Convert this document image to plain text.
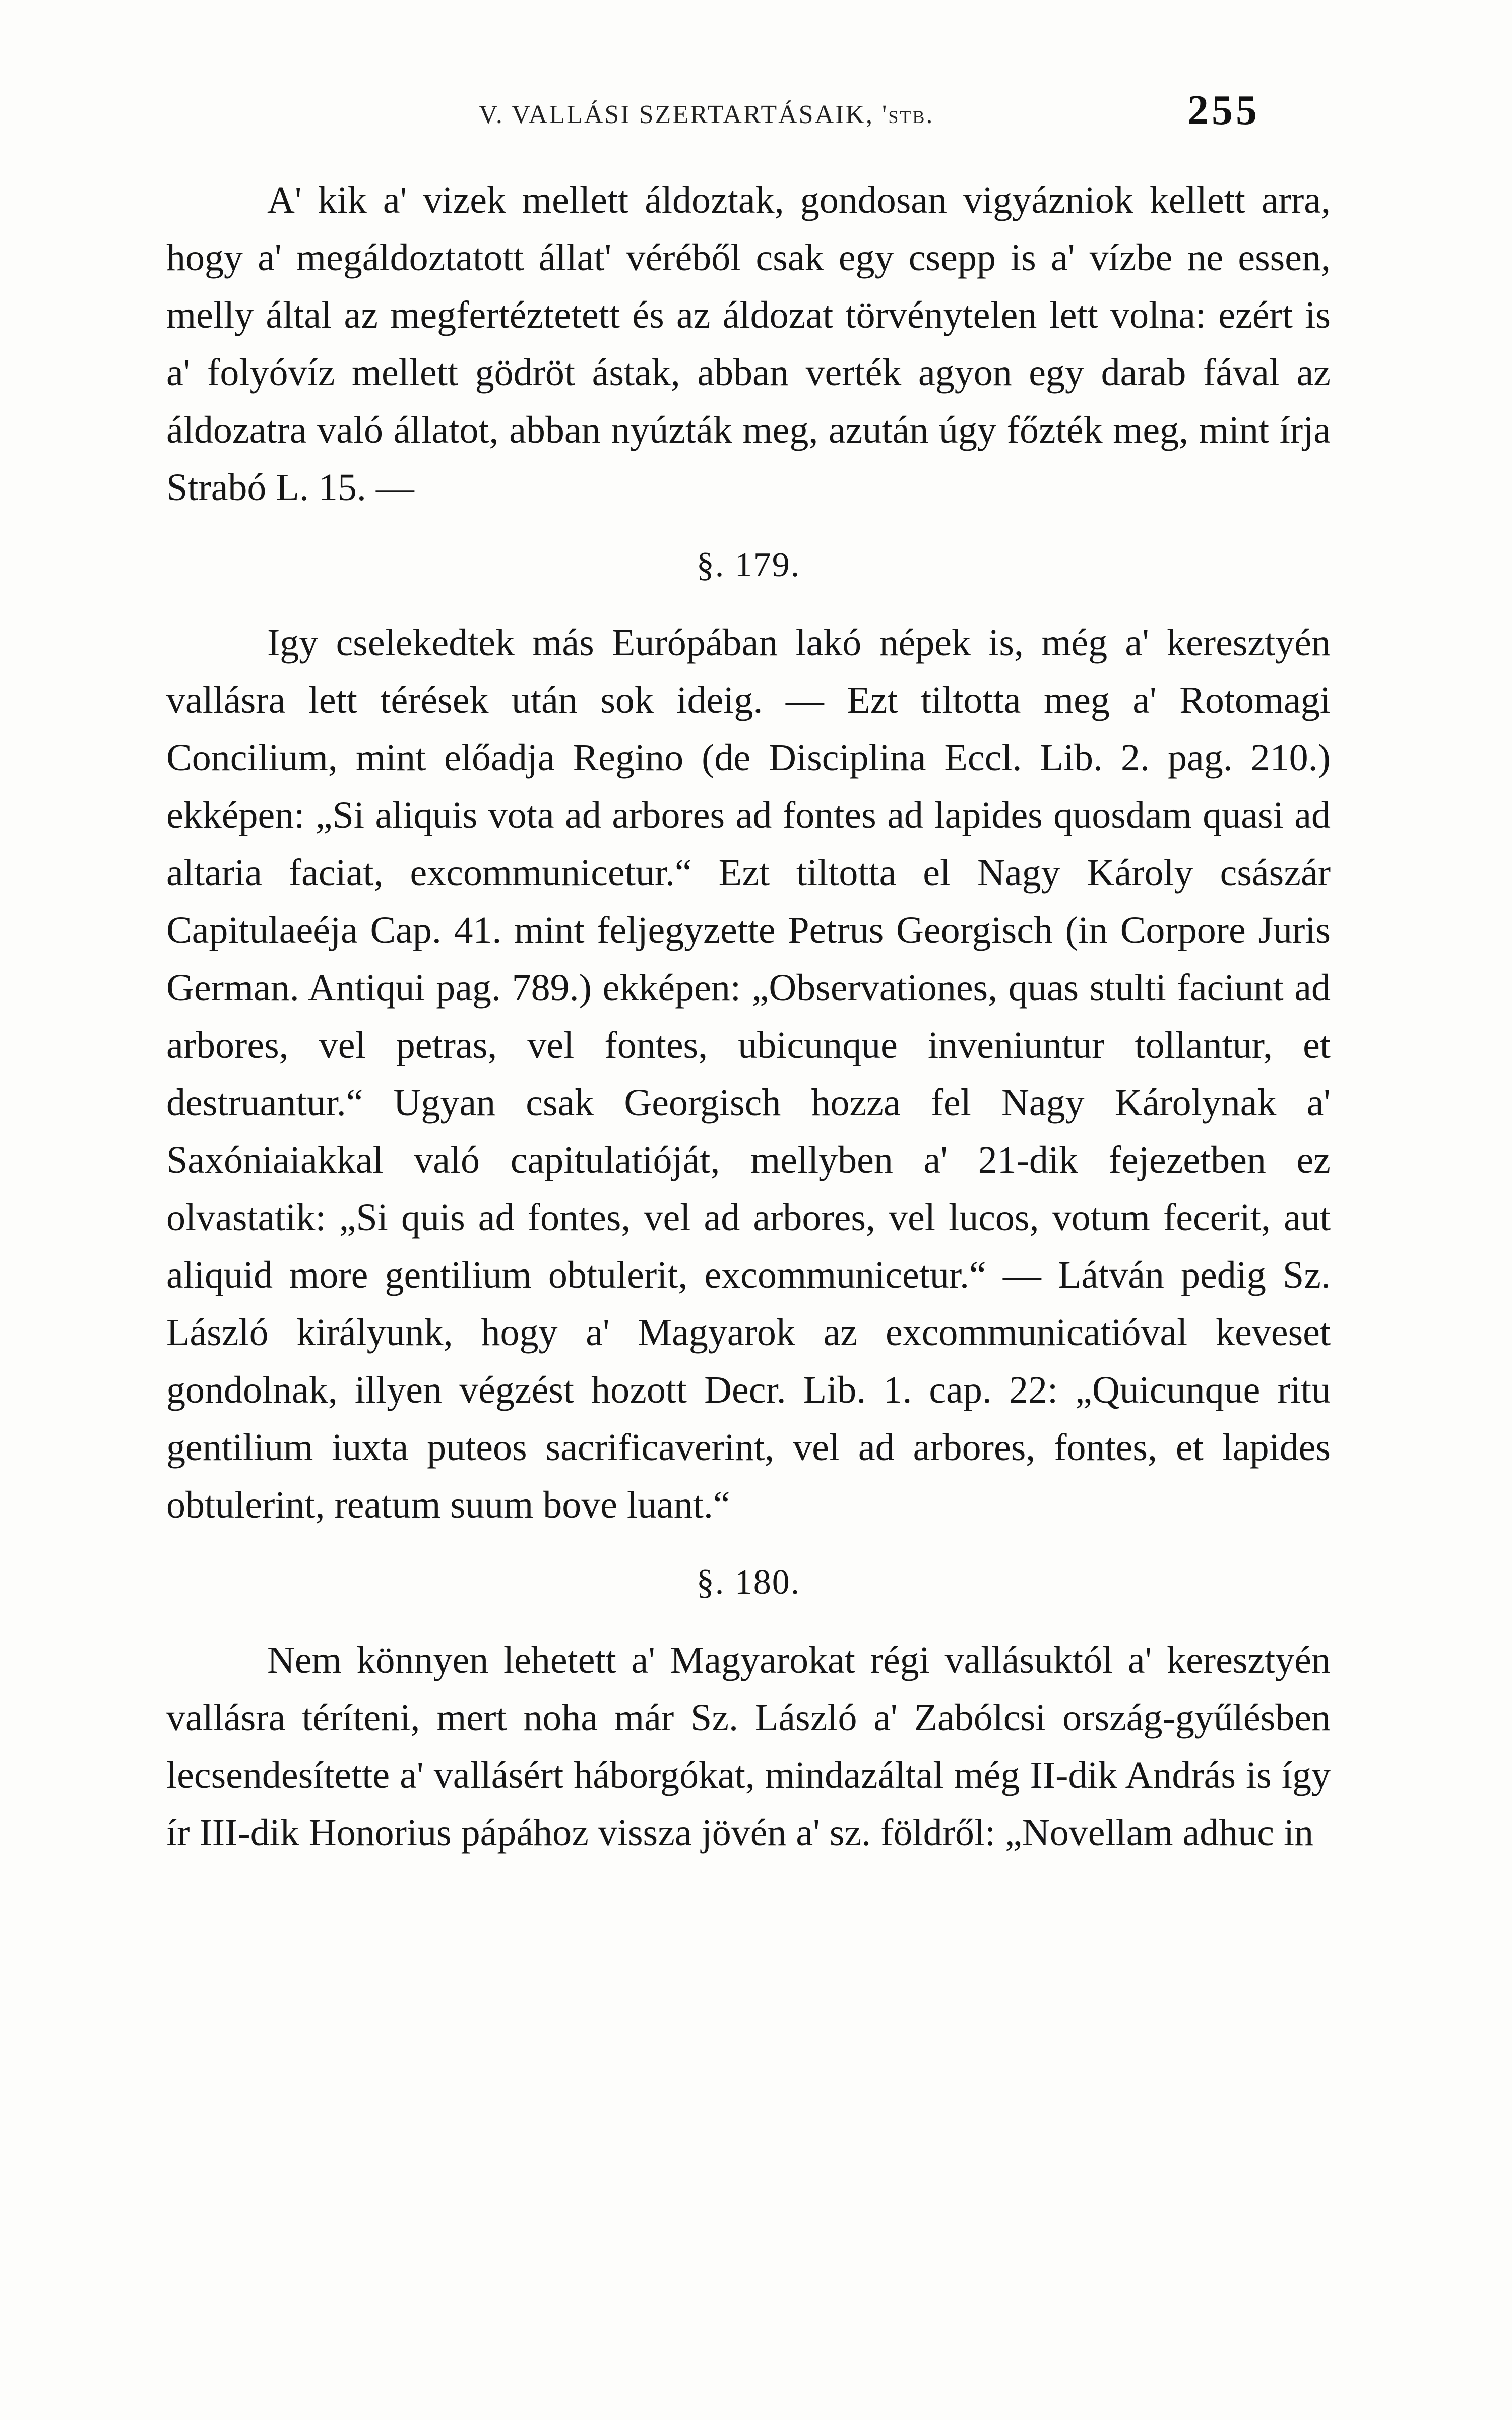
V. VALLÁSI SZERTARTÁSAIK, 'stb.	255

A' kik a' vizek mellett áldoztak, gondosan vigyázniok kellett arra, hogy a' megáldoztatott állat' véréből csak egy csepp is a' vízbe ne essen, melly által az megfertéztetett és az áldozat törvénytelen lett volna: ezért is a' folyóvíz mellett gödröt ástak, abban verték agyon egy darab fával az áldozatra való állatot, abban nyúzták meg, azután úgy főzték meg, mint írja Strabó L. 15. —

§. 179.

Igy cselekedtek más Európában lakó népek is, még a' keresztyén vallásra lett térések után sok ideig. — Ezt tiltotta meg a' Rotomagi Concilium, mint előadja Regino (de Disciplina Eccl. Lib. 2. pag. 210.) ekképen: „Si aliquis vota ad arbores ad fontes ad lapides quosdam quasi ad altaria faciat, excommunicetur.“ Ezt tiltotta el Nagy Károly császár Capitulaeéja Cap. 41. mint feljegyzette Petrus Georgisch (in Corpore Juris German. Antiqui pag. 789.) ekképen: „Observationes, quas stulti faciunt ad arbores, vel petras, vel fontes, ubicunque inveniuntur tollantur, et destruantur.“ Ugyan csak Georgisch hozza fel Nagy Károlynak a' Saxóniaiakkal való capitulatióját, mellyben a' 21-dik fejezetben ez olvastatik: „Si quis ad fontes, vel ad arbores, vel lucos, votum fecerit, aut aliquid more gentilium obtulerit, excommunicetur.“ — Látván pedig Sz. László királyunk, hogy a' Magyarok az excommunicatióval keveset gondolnak, illyen végzést hozott Decr. Lib. 1. cap. 22: „Quicunque ritu gentilium iuxta puteos sacrificaverint, vel ad arbores, fontes, et lapides obtulerint, reatum suum bove luant.“

§. 180.

Nem könnyen lehetett a' Magyarokat régi vallásuktól a' keresztyén vallásra téríteni, mert noha már Sz. László a' Zabólcsi ország-gyűlésben lecsendesítette a' vallásért háborgókat, mindazáltal még II-dik András is így ír III-dik Honorius pápához vissza jövén a' sz. földről: „Novellam adhuc in
